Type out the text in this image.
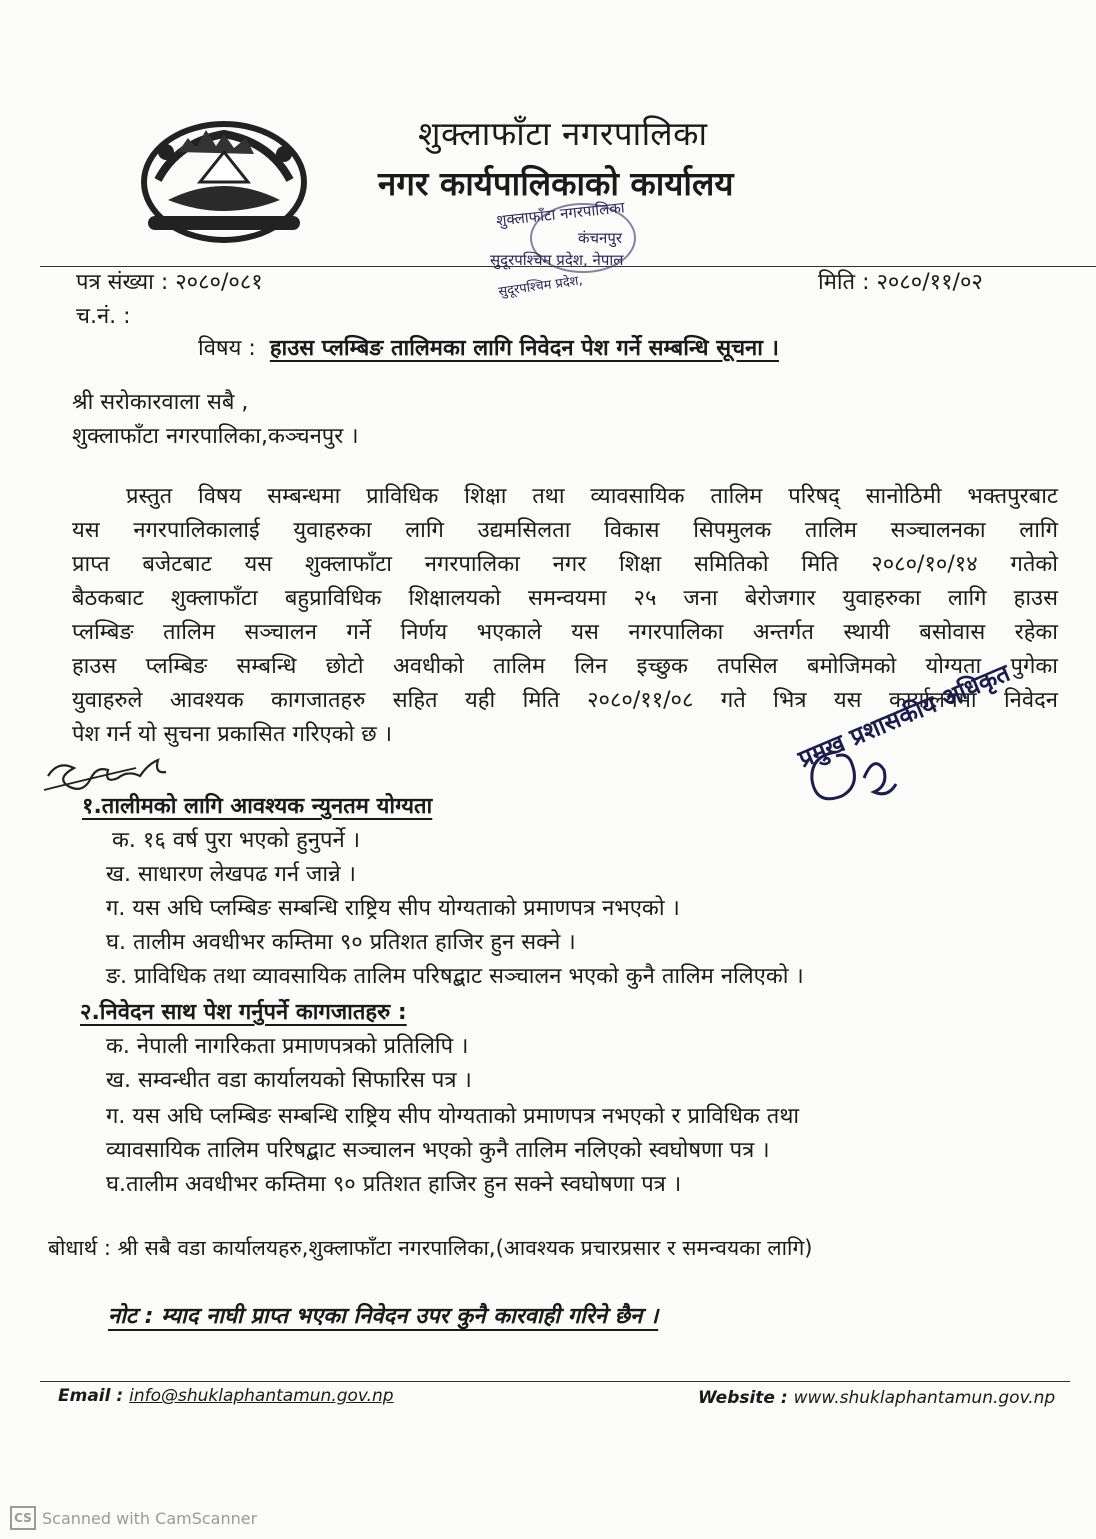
शुक्लाफाँटा नगरपालिका
नगर कार्यपालिकाको कार्यालय
शुक्लाफाँटा नगरपालिका
कंचनपुर
सुदूरपश्चिम प्रदेश, नेपाल
सुदूरपश्चिम प्रदेश,
पत्र संख्या : २०८०/०८१
च.नं. :
मिति : २०८०/११/०२
विषय : हाउस प्लम्बिङ तालिमका लागि निवेदन पेश गर्ने सम्बन्धि सूचना ।
श्री सरोकारवाला सबै ,
शुक्लाफाँटा नगरपालिका,कञ्चनपुर ।

प्रस्तुत विषय सम्बन्धमा प्राविधिक शिक्षा तथा व्यावसायिक तालिम परिषद् सानोठिमी भक्तपुरबाट

यस नगरपालिकालाई युवाहरुका लागि उद्यमसिलता विकास सिपमुलक तालिम सञ्चालनका लागि

प्राप्त बजेटबाट यस शुक्लाफाँटा नगरपालिका नगर शिक्षा समितिको मिति २०८०/१०/१४ गतेको

बैठकबाट शुक्लाफाँटा बहुप्राविधिक शिक्षालयको समन्वयमा २५ जना बेरोजगार युवाहरुका लागि हाउस

प्लम्बिङ तालिम सञ्चालन गर्ने निर्णय भएकाले यस नगरपालिका अन्तर्गत स्थायी बसोवास रहेका

हाउस प्लम्बिङ सम्बन्धि छोटो अवधीको तालिम लिन इच्छुक तपसिल बमोजिमको योग्यता पुगेका

युवाहरुले आवश्यक कागजातहरु सहित यही मिति २०८०/११/०८ गते भित्र यस कार्यालयमा निवेदन

पेश गर्न यो सुचना प्रकासित गरिएको छ ।

१.तालीमको लागि आवश्यक न्युनतम योग्यता
क. १६ वर्ष पुरा भएको हुनुपर्ने ।
ख. साधारण लेखपढ गर्न जान्ने ।
ग. यस अघि प्लम्बिङ सम्बन्धि राष्ट्रिय सीप योग्यताको प्रमाणपत्र नभएको ।
घ. तालीम अवधीभर कम्तिमा ९० प्रतिशत हाजिर हुन सक्ने ।
ङ. प्राविधिक तथा व्यावसायिक तालिम परिषद्बाट सञ्चालन भएको कुनै तालिम नलिएको ।
२.निवेदन साथ पेश गर्नुपर्ने कागजातहरु :
क. नेपाली नागरिकता प्रमाणपत्रको प्रतिलिपि ।
ख. सम्वन्धीत वडा कार्यालयको सिफारिस पत्र ।
ग. यस अघि प्लम्बिङ सम्बन्धि राष्ट्रिय सीप योग्यताको प्रमाणपत्र नभएको र प्राविधिक तथा
व्यावसायिक तालिम परिषद्बाट सञ्चालन भएको कुनै तालिम नलिएको स्वघोषणा पत्र ।
घ.तालीम अवधीभर कम्तिमा ९० प्रतिशत हाजिर हुन सक्ने स्वघोषणा पत्र ।
प्रमुख प्रशासकीय अधिकृत
बोधार्थ : श्री सबै वडा कार्यालयहरु,शुक्लाफाँटा नगरपालिका,(आवश्यक प्रचारप्रसार र समन्वयका लागि)
नोट : म्याद नाघी प्राप्त भएका निवेदन उपर कुनै कारवाही गरिने छैन ।
Email : info@shuklaphantamun.gov.np	Website : www.shuklaphantamun.gov.np
CS Scanned with CamScanner
